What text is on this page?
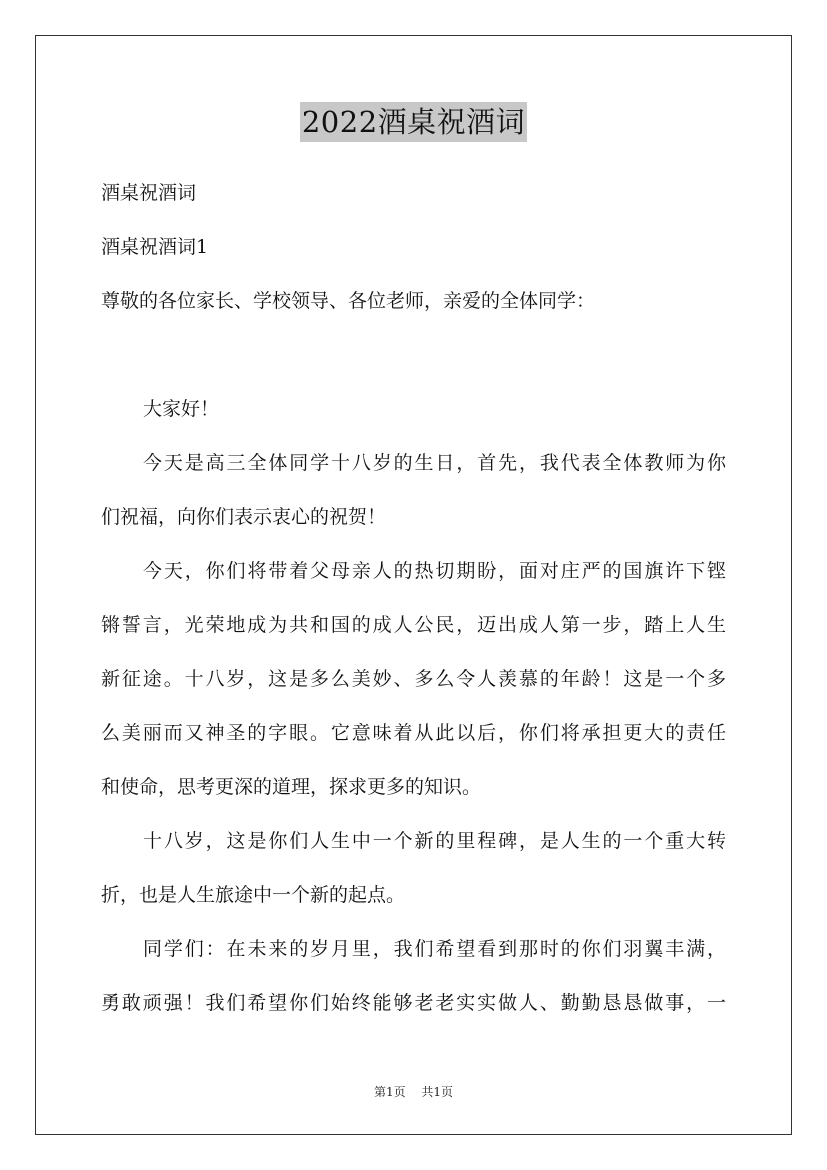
2022酒桌祝酒词
酒桌祝酒词
酒桌祝酒词1
尊敬的各位家长、学校领导、各位老师，亲爱的全体同学：
大家好！
今天是高三全体同学十八岁的生日，首先，我代表全体教师为你
们祝福，向你们表示衷心的祝贺！
今天，你们将带着父母亲人的热切期盼，面对庄严的国旗许下铿
锵誓言，光荣地成为共和国的成人公民，迈出成人第一步，踏上人生
新征途。十八岁，这是多么美妙、多么令人羡慕的年龄！这是一个多
么美丽而又神圣的字眼。它意味着从此以后，你们将承担更大的责任
和使命，思考更深的道理，探求更多的知识。
十八岁，这是你们人生中一个新的里程碑，是人生的一个重大转
折，也是人生旅途中一个新的起点。
同学们：在未来的岁月里，我们希望看到那时的你们羽翼丰满，
勇敢顽强！我们希望你们始终能够老老实实做人、勤勤恳恳做事，一
第1页 共1页
